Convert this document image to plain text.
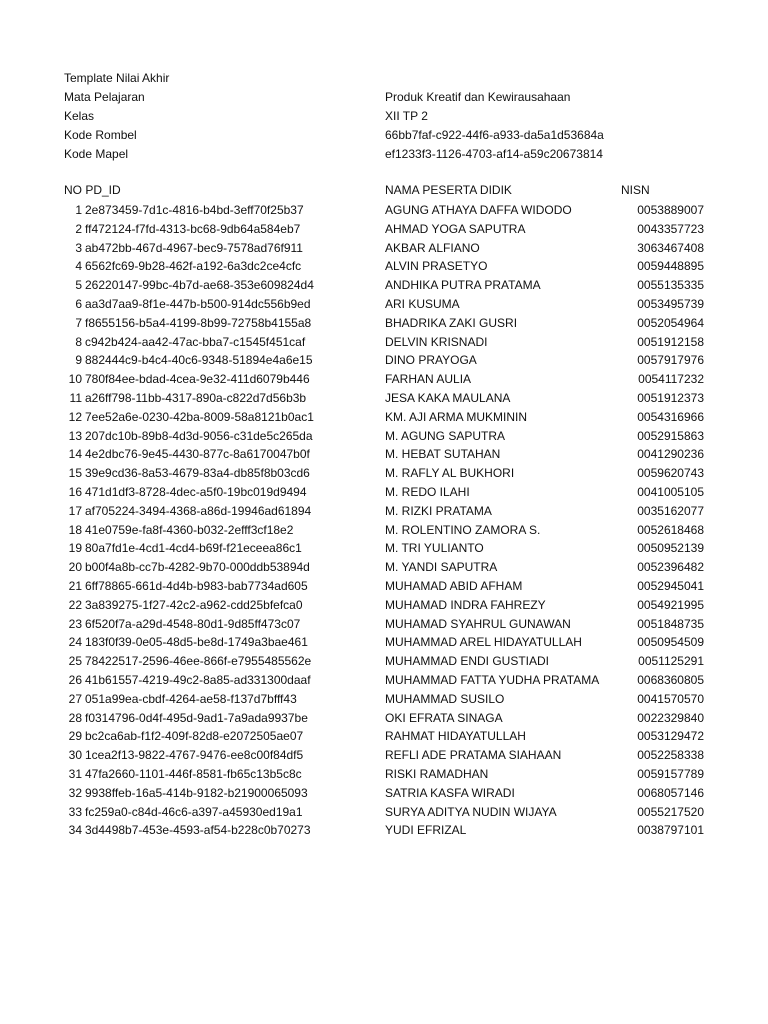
Template Nilai Akhir
Mata Pelajaran	Produk Kreatif dan Kewirausahaan
Kelas	XII TP 2
Kode Rombel	66bb7faf-c922-44f6-a933-da5a1d53684a
Kode Mapel	ef1233f3-1126-4703-af14-a59c20673814
NO PD_ID	NAMA PESERTA DIDIK	NISN
1 2e873459-7d1c-4816-b4bd-3eff70f25b37	AGUNG ATHAYA DAFFA WIDODO	0053889007
2 ff472124-f7fd-4313-bc68-9db64a584eb7	AHMAD YOGA SAPUTRA	0043357723
3 ab472bb-467d-4967-bec9-7578ad76f911	AKBAR ALFIANO	3063467408
4 6562fc69-9b28-462f-a192-6a3dc2ce4cfc	ALVIN PRASETYO	0059448895
5 26220147-99bc-4b7d-ae68-353e609824d4	ANDHIKA PUTRA PRATAMA	0055135335
6 aa3d7aa9-8f1e-447b-b500-914dc556b9ed	ARI KUSUMA	0053495739
7 f8655156-b5a4-4199-8b99-72758b4155a8	BHADRIKA ZAKI GUSRI	0052054964
8 c942b424-aa42-47ac-bba7-c1545f451caf	DELVIN KRISNADI	0051912158
9 882444c9-b4c4-40c6-9348-51894e4a6e15	DINO PRAYOGA	0057917976
10 780f84ee-bdad-4cea-9e32-411d6079b446	FARHAN AULIA	0054117232
11 a26ff798-11bb-4317-890a-c822d7d56b3b	JESA KAKA MAULANA	0051912373
12 7ee52a6e-0230-42ba-8009-58a8121b0ac1	KM. AJI ARMA MUKMININ	0054316966
13 207dc10b-89b8-4d3d-9056-c31de5c265da	M. AGUNG SAPUTRA	0052915863
14 4e2dbc76-9e45-4430-877c-8a6170047b0f	M. HEBAT SUTAHAN	0041290236
15 39e9cd36-8a53-4679-83a4-db85f8b03cd6	M. RAFLY AL BUKHORI	0059620743
16 471d1df3-8728-4dec-a5f0-19bc019d9494	M. REDO ILAHI	0041005105
17 af705224-3494-4368-a86d-19946ad61894	M. RIZKI PRATAMA	0035162077
18 41e0759e-fa8f-4360-b032-2efff3cf18e2	M. ROLENTINO ZAMORA S.	0052618468
19 80a7fd1e-4cd1-4cd4-b69f-f21eceea86c1	M. TRI YULIANTO	0050952139
20 b00f4a8b-cc7b-4282-9b70-000ddb53894d	M. YANDI SAPUTRA	0052396482
21 6ff78865-661d-4d4b-b983-bab7734ad605	MUHAMAD ABID AFHAM	0052945041
22 3a839275-1f27-42c2-a962-cdd25bfefca0	MUHAMAD INDRA FAHREZY	0054921995
23 6f520f7a-a29d-4548-80d1-9d85ff473c07	MUHAMAD SYAHRUL GUNAWAN	0051848735
24 183f0f39-0e05-48d5-be8d-1749a3bae461	MUHAMMAD AREL HIDAYATULLAH	0050954509
25 78422517-2596-46ee-866f-e7955485562e	MUHAMMAD ENDI GUSTIADI	0051125291
26 41b61557-4219-49c2-8a85-ad331300daaf	MUHAMMAD FATTA YUDHA PRATAMA	0068360805
27 051a99ea-cbdf-4264-ae58-f137d7bfff43	MUHAMMAD SUSILO	0041570570
28 f0314796-0d4f-495d-9ad1-7a9ada9937be	OKI EFRATA SINAGA	0022329840
29 bc2ca6ab-f1f2-409f-82d8-e2072505ae07	RAHMAT HIDAYATULLAH	0053129472
30 1cea2f13-9822-4767-9476-ee8c00f84df5	REFLI ADE PRATAMA SIAHAAN	0052258338
31 47fa2660-1101-446f-8581-fb65c13b5c8c	RISKI RAMADHAN	0059157789
32 9938ffeb-16a5-414b-9182-b21900065093	SATRIA KASFA WIRADI	0068057146
33 fc259a0-c84d-46c6-a397-a45930ed19a1	SURYA ADITYA NUDIN WIJAYA	0055217520
34 3d4498b7-453e-4593-af54-b228c0b70273	YUDI EFRIZAL	0038797101
